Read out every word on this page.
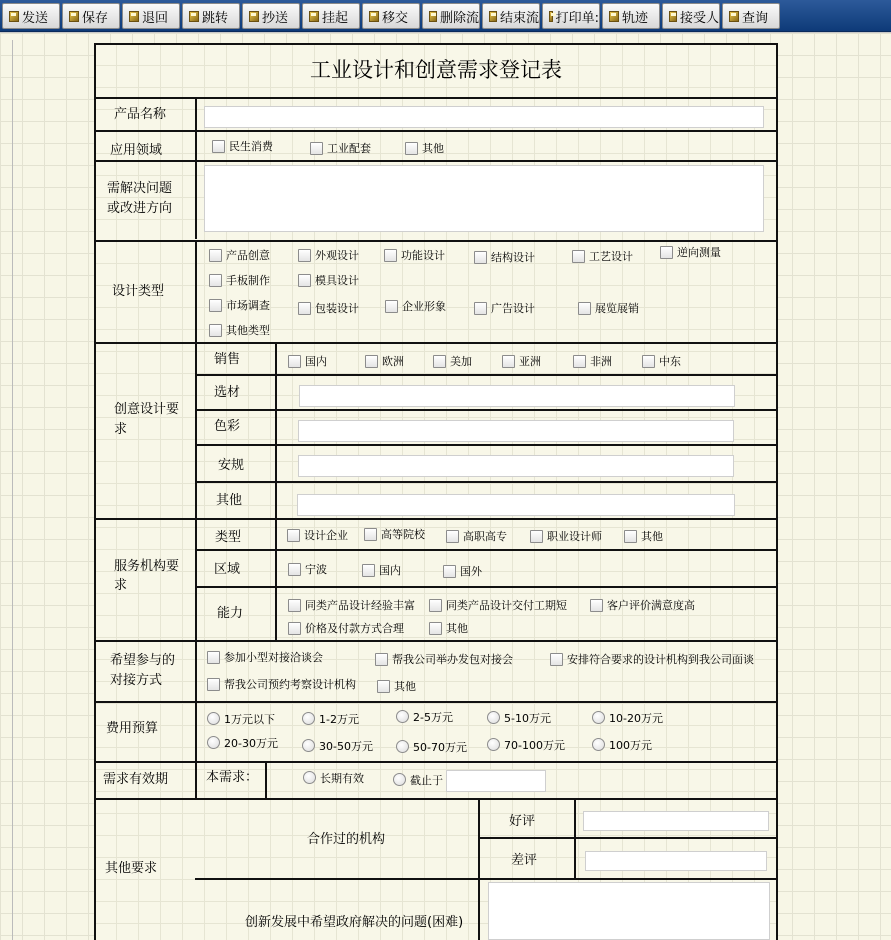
发送	保存	退回	跳转	抄送	挂起	移交 删除流 结束流 打印单: 轨迹 接受人 查询
工业设计和创意需求登记表
产品名称
应用领域	民生消费	工业配套	其他
需解决问题
或改进方向
设计类型
产品创意	外观设计	功能设计	结构设计	工艺设计	逆向测量
手板制作	模具设计
市场调查	包装设计	企业形象	广告设计	展览展销
其他类型
创意设计要
求
销售	国内	欧洲	美加	亚洲	非洲	中东
选材
色彩
安规
其他
服务机构要
求
类型	设计企业	高等院校	高职高专	职业设计师	其他
区域	宁波	国内	国外
能力
同类产品设计经验丰富	同类产品设计交付工期短	客户评价满意度高
价格及付款方式合理	其他
希望参与的
对接方式
参加小型对接洽谈会	帮我公司举办发包对接会	安排符合要求的设计机构到我公司面谈
帮我公司预约考察设计机构	其他
费用预算
1万元以下	1-2万元	2-5万元	5-10万元	10-20万元
20-30万元	30-50万元	50-70万元	70-100万元	100万元
需求有效期	本需求：	长期有效	截止于
其他要求
合作过的机构
好评
差评
创新发展中希望政府解决的问题(困难)
